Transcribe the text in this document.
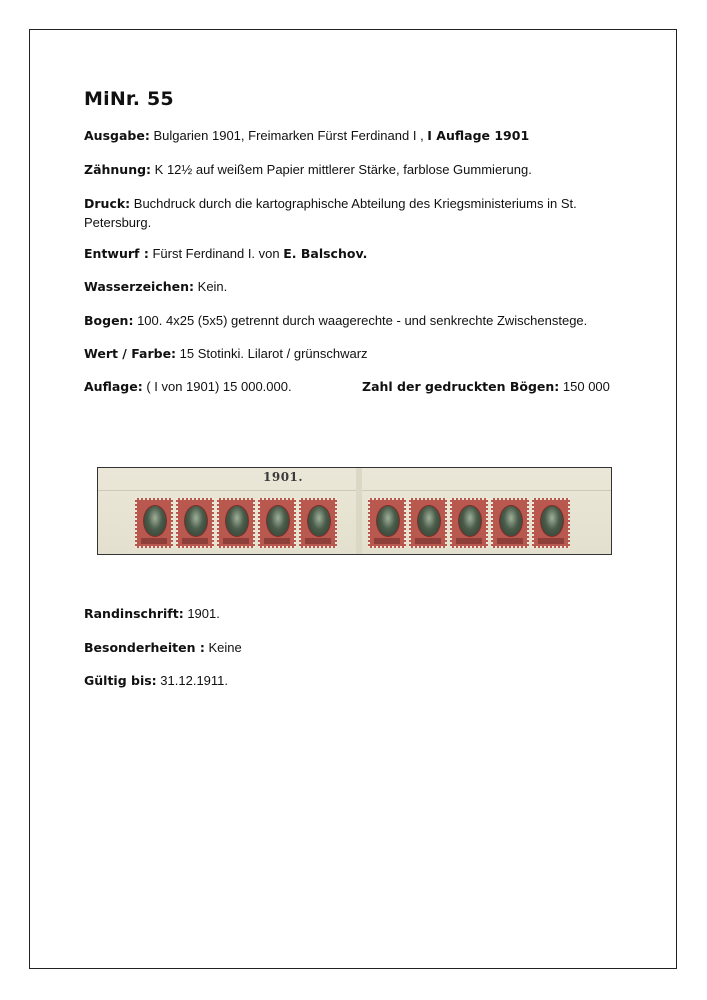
MiNr. 55
Ausgabe: Bulgarien 1901, Freimarken Fürst Ferdinand I , I Auflage 1901
Zähnung: K 12½ auf weißem Papier mittlerer Stärke, farblose Gummierung.
Druck: Buchdruck durch die kartographische Abteilung des Kriegsministeriums in St. Petersburg.
Entwurf : Fürst Ferdinand I. von E. Balschov.
Wasserzeichen: Kein.
Bogen: 100. 4x25 (5x5) getrennt durch waagerechte - und senkrechte Zwischenstege.
Wert / Farbe: 15 Stotinki. Lilarot / grünschwarz
Auflage: ( I von 1901) 15 000.000.	Zahl der gedruckten Bögen: 150 000
1901.
Randinschrift: 1901.
Besonderheiten : Keine
Gültig bis: 31.12.1911.
